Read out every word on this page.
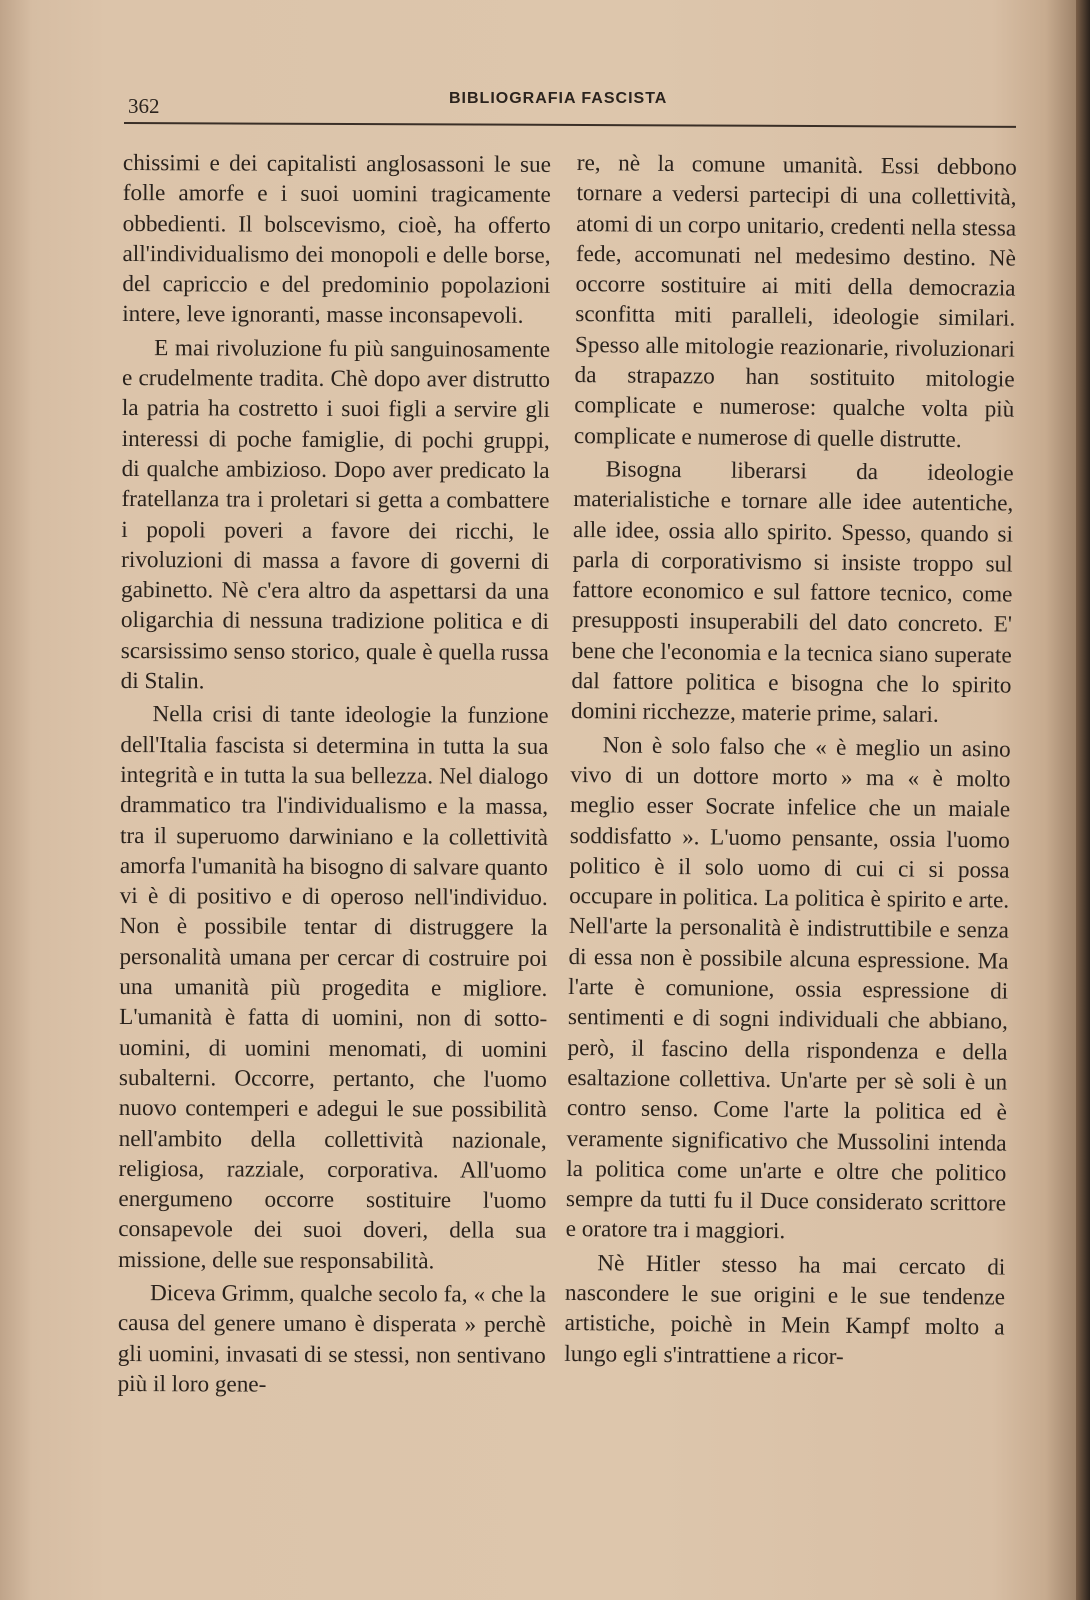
362	BIBLIOGRAFIA FASCISTA

chissimi e dei capitalisti anglosassoni le sue folle amorfe e i suoi uomini tragicamente obbedienti. Il bolscevismo, cioè, ha offerto all'individualismo dei monopoli e delle borse, del capriccio e del predominio popolazioni intere, leve ignoranti, masse inconsapevoli.

E mai rivoluzione fu più sanguinosamente e crudelmente tradita. Chè dopo aver distrutto la patria ha costretto i suoi figli a servire gli interessi di poche famiglie, di pochi gruppi, di qualche ambizioso. Dopo aver predicato la fratellanza tra i proletari si getta a combattere i popoli poveri a favore dei ricchi, le rivoluzioni di massa a favore di governi di gabinetto. Nè c'era altro da aspettarsi da una oligarchia di nessuna tradizione politica e di scarsissimo senso storico, quale è quella russa di Stalin.

Nella crisi di tante ideologie la funzione dell'Italia fascista si determina in tutta la sua integrità e in tutta la sua bellezza. Nel dialogo drammatico tra l'individualismo e la massa, tra il superuomo darwiniano e la collettività amorfa l'umanità ha bisogno di salvare quanto vi è di positivo e di operoso nell'individuo. Non è possibile tentar di distruggere la personalità umana per cercar di costruire poi una umanità più progedita e migliore. L'umanità è fatta di uomini, non di sotto-uomini, di uomini menomati, di uomini subalterni. Occorre, pertanto, che l'uomo nuovo contemperi e adegui le sue possibilità nell'ambito della collettività nazionale, religiosa, razziale, corporativa. All'uomo energumeno occorre sostituire l'uomo consapevole dei suoi doveri, della sua missione, delle sue responsabilità.

Diceva Grimm, qualche secolo fa, « che la causa del genere umano è disperata » perchè gli uomini, invasati di se stessi, non sentivano più il loro gene-

re, nè la comune umanità. Essi debbono tornare a vedersi partecipi di una collettività, atomi di un corpo unitario, credenti nella stessa fede, accomunati nel medesimo destino. Nè occorre sostituire ai miti della democrazia sconfitta miti paralleli, ideologie similari. Spesso alle mitologie reazionarie, rivoluzionari da strapazzo han sostituito mitologie complicate e numerose: qualche volta più complicate e numerose di quelle distrutte.

Bisogna liberarsi da ideologie materialistiche e tornare alle idee autentiche, alle idee, ossia allo spirito. Spesso, quando si parla di corporativismo si insiste troppo sul fattore economico e sul fattore tecnico, come presupposti insuperabili del dato concreto. E' bene che l'economia e la tecnica siano superate dal fattore politica e bisogna che lo spirito domini ricchezze, materie prime, salari.

Non è solo falso che « è meglio un asino vivo di un dottore morto » ma « è molto meglio esser Socrate infelice che un maiale soddisfatto ». L'uomo pensante, ossia l'uomo politico è il solo uomo di cui ci si possa occupare in politica. La politica è spirito e arte. Nell'arte la personalità è indistruttibile e senza di essa non è possibile alcuna espressione. Ma l'arte è comunione, ossia espressione di sentimenti e di sogni individuali che abbiano, però, il fascino della rispondenza e della esaltazione collettiva. Un'arte per sè soli è un contro senso. Come l'arte la politica ed è veramente significativo che Mussolini intenda la politica come un'arte e oltre che politico sempre da tutti fu il Duce considerato scrittore e oratore tra i maggiori.

Nè Hitler stesso ha mai cercato di nascondere le sue origini e le sue tendenze artistiche, poichè in Mein Kampf molto a lungo egli s'intrattiene a ricor-
